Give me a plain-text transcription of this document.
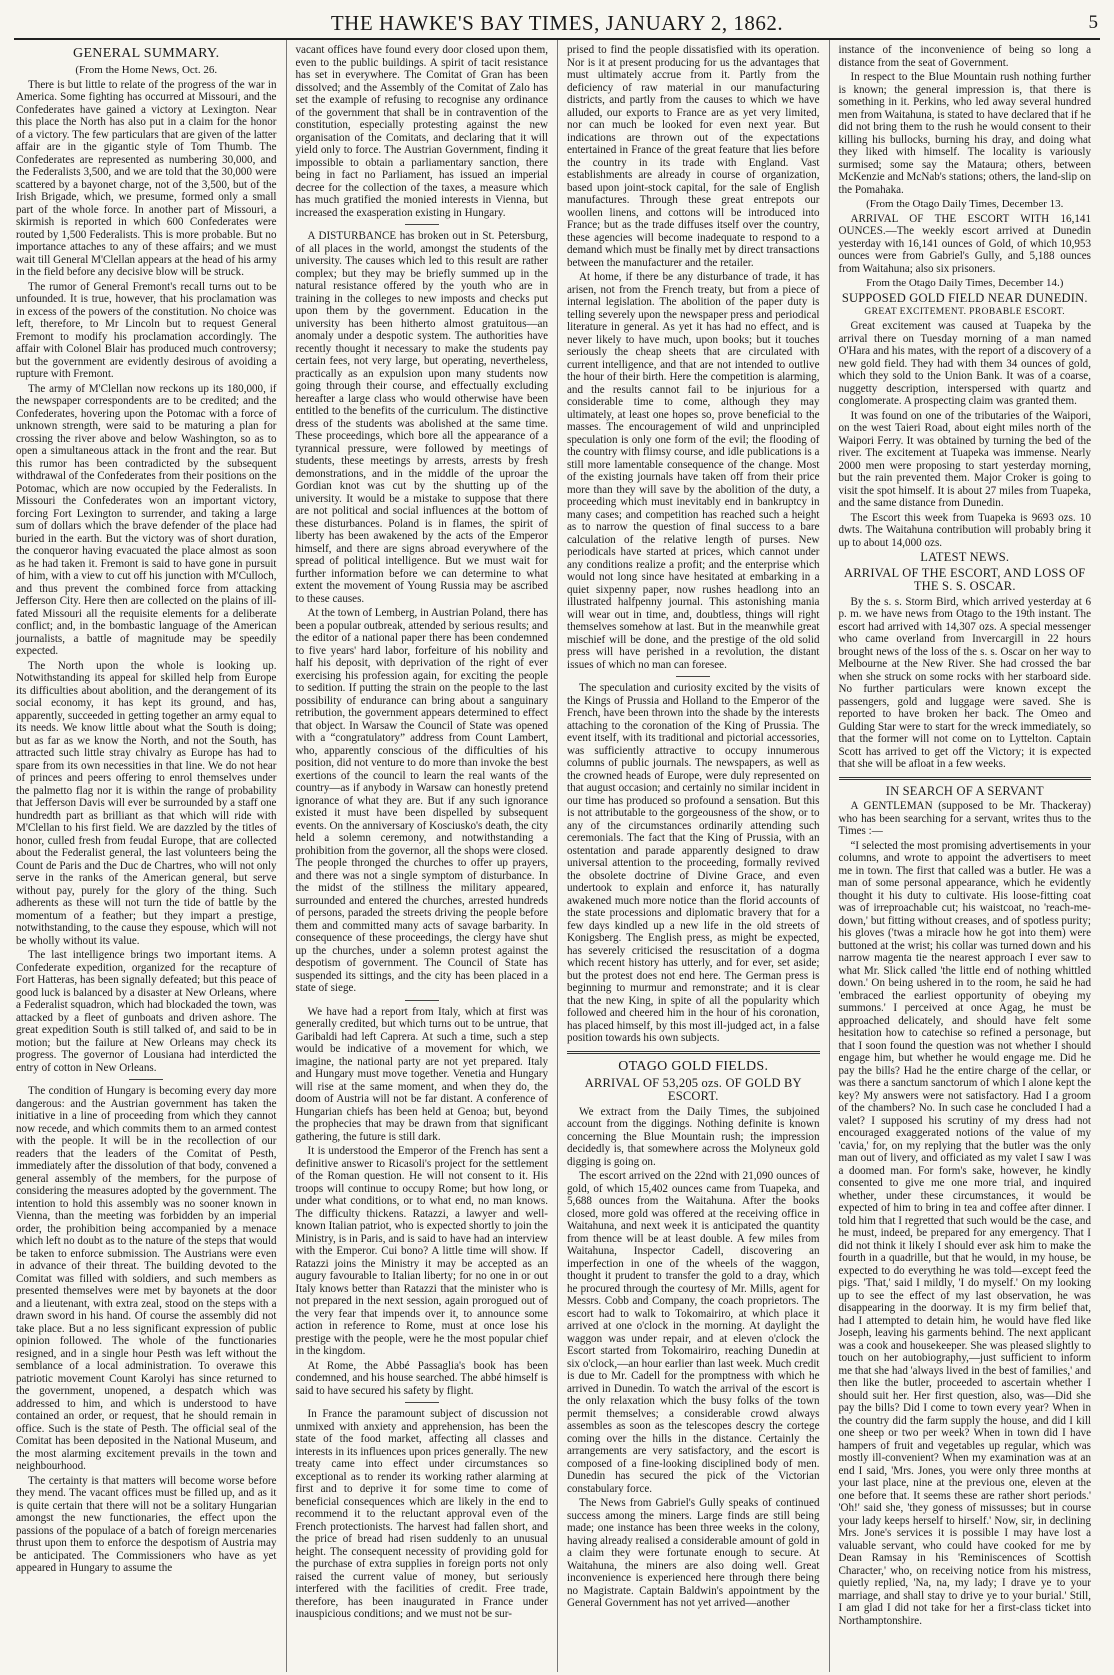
THE HAWKE'S BAY TIMES, JANUARY 2, 1862.	5
GENERAL SUMMARY.
(From the Home News, Oct. 26.

There is but little to relate of the progress of the war in America. Some fighting has occurred at Missouri, and the Confederates have gained a victory at Lexington. Near this place the North has also put in a claim for the honor of a victory. The few particulars that are given of the latter affair are in the gigantic style of Tom Thumb. The Confederates are represented as numbering 30,000, and the Federalists 3,500, and we are told that the 30,000 were scattered by a bayonet charge, not of the 3,500, but of the Irish Brigade, which, we presume, formed only a small part of the whole force. In another part of Missouri, a skirmish is reported in which 600 Confederates were routed by 1,500 Federalists. This is more probable. But no importance attaches to any of these affairs; and we must wait till General M'Clellan appears at the head of his army in the field before any decisive blow will be struck.

The rumor of General Fremont's recall turns out to be unfounded. It is true, however, that his proclamation was in excess of the powers of the constitution. No choice was left, therefore, to Mr Lincoln but to request General Fremont to modify his proclamation accordingly. The affair with Colonel Blair has produced much controversy; but the government are evidently desirous of avoiding a rupture with Fremont.

The army of M'Clellan now reckons up its 180,000, if the newspaper correspondents are to be credited; and the Confederates, hovering upon the Potomac with a force of unknown strength, were said to be maturing a plan for crossing the river above and below Washington, so as to open a simultaneous attack in the front and the rear. But this rumor has been contradicted by the subsequent withdrawal of the Confederates from their positions on the Potomac, which are now occupied by the Federalists. In Missouri the Confederates won an important victory, forcing Fort Lexington to surrender, and taking a large sum of dollars which the brave defender of the place had buried in the earth. But the victory was of short duration, the conqueror having evacuated the place almost as soon as he had taken it. Fremont is said to have gone in pursuit of him, with a view to cut off his junction with M'Culloch, and thus prevent the combined force from attacking Jefferson City. Here then are collected on the plains of ill-fated Missouri all the requisite elements for a deliberate conflict; and, in the bombastic language of the American journalists, a battle of magnitude may be speedily expected.

The North upon the whole is looking up. Notwithstanding its appeal for skilled help from Europe its difficulties about abolition, and the derangement of its social economy, it has kept its ground, and has, apparently, succeeded in getting together an army equal to its needs. We know little about what the South is doing; but as far as we know the North, and not the South, has attracted such little stray chivalry as Europe has had to spare from its own necessities in that line. We do not hear of princes and peers offering to enrol themselves under the palmetto flag nor it is within the range of probability that Jefferson Davis will ever be surrounded by a staff one hundredth part as brilliant as that which will ride with M'Clellan to his first field. We are dazzled by the titles of honor, culled fresh from feudal Europe, that are collected about the Federalist general, the last volunteers being the Count de Paris and the Duc de Chartres, who will not only serve in the ranks of the American general, but serve without pay, purely for the glory of the thing. Such adherents as these will not turn the tide of battle by the momentum of a feather; but they impart a prestige, notwithstanding, to the cause they espouse, which will not be wholly without its value.

The last intelligence brings two important items. A Confederate expedition, organized for the recapture of Fort Hatteras, has been signally defeated; but this peace of good luck is balanced by a disaster at New Orleans, where a Federalist squadron, which had blockaded the town, was attacked by a fleet of gunboats and driven ashore. The great expedition South is still talked of, and said to be in motion; but the failure at New Orleans may check its progress. The governor of Lousiana had interdicted the entry of cotton in New Orleans.

The condition of Hungary is becoming every day more dangerous: and the Austrian government has taken the initiative in a line of proceeding from which they cannot now recede, and which commits them to an armed contest with the people. It will be in the recollection of our readers that the leaders of the Comitat of Pesth, immediately after the dissolution of that body, convened a general assembly of the members, for the purpose of considering the measures adopted by the government. The intention to hold this assembly was no sooner known in Vienna, than the meeting was forbidden by an imperial order, the prohibition being accompanied by a menace which left no doubt as to the nature of the steps that would be taken to enforce submission. The Austrians were even in advance of their threat. The building devoted to the Comitat was filled with soldiers, and such members as presented themselves were met by bayonets at the door and a lieutenant, with extra zeal, stood on the steps with a drawn sword in his hand. Of course the assembly did not take place. But a no less significant expression of public opinion followed. The whole of the functionaries resigned, and in a single hour Pesth was left without the semblance of a local administration. To overawe this patriotic movement Count Karolyi has since returned to the government, unopened, a despatch which was addressed to him, and which is understood to have contained an order, or request, that he should remain in office. Such is the state of Pesth. The official seal of the Comitat has been deposited in the National Museum, and the most alarming excitement prevails in the town and neighbourhood.

The certainty is that matters will become worse before they mend. The vacant offices must be filled up, and as it is quite certain that there will not be a solitary Hungarian amongst the new functionaries, the effect upon the passions of the populace of a batch of foreign mercenaries thrust upon them to enforce the despotism of Austria may be anticipated. The Commissioners who have as yet appeared in Hungary to assume the

vacant offices have found every door closed upon them, even to the public buildings. A spirit of tacit resistance has set in everywhere. The Comitat of Gran has been dissolved; and the Assembly of the Comitat of Zalo has set the example of refusing to recognise any ordinance of the government that shall be in contravention of the constitution, especially protesting against the new organisation of the Comitats, and declaring that it will yield only to force. The Austrian Government, finding it impossible to obtain a parliamentary sanction, there being in fact no Parliament, has issued an imperial decree for the collection of the taxes, a measure which has much gratified the monied interests in Vienna, but increased the exasperation existing in Hungary.

A DISTURBANCE has broken out in St. Petersburg, of all places in the world, amongst the students of the university. The causes which led to this result are rather complex; but they may be briefly summed up in the natural resistance offered by the youth who are in training in the colleges to new imposts and checks put upon them by the government. Education in the university has been hitherto almost gratuitous—an anomaly under a despotic system. The authorities have recently thought it necessary to make the students pay certain fees, not very large, but operating, nevertheless, practically as an expulsion upon many students now going through their course, and effectually excluding hereafter a large class who would otherwise have been entitled to the benefits of the curriculum. The distinctive dress of the students was abolished at the same time. These proceedings, which bore all the appearance of a tyrannical pressure, were followed by meetings of students, these meetings by arrests, arrests by fresh demonstrations, and in the middle of the uproar the Gordian knot was cut by the shutting up of the university. It would be a mistake to suppose that there are not political and social influences at the bottom of these disturbances. Poland is in flames, the spirit of liberty has been awakened by the acts of the Emperor himself, and there are signs abroad everywhere of the spread of political intelligence. But we must wait for further information before we can determine to what extent the movement of Young Russia may be ascribed to these causes.

At the town of Lemberg, in Austrian Poland, there has been a popular outbreak, attended by serious results; and the editor of a national paper there has been condemned to five years' hard labor, forfeiture of his nobility and half his deposit, with deprivation of the right of ever exercising his profession again, for exciting the people to sedition. If putting the strain on the people to the last possibility of endurance can bring about a sanguinary retribution, the government appears determined to effect that object. In Warsaw the Council of State was opened with a “congratulatory” address from Count Lambert, who, apparently conscious of the difficulties of his position, did not venture to do more than invoke the best exertions of the council to learn the real wants of the country—as if anybody in Warsaw can honestly pretend ignorance of what they are. But if any such ignorance existed it must have been dispelled by subsequent events. On the anniversary of Kosciusko's death, the city held a solemn ceremony, and notwithstanding a prohibition from the governor, all the shops were closed. The people thronged the churches to offer up prayers, and there was not a single symptom of disturbance. In the midst of the stillness the military appeared, surrounded and entered the churches, arrested hundreds of persons, paraded the streets driving the people before them and committed many acts of savage barbarity. In consequence of these proceedings, the clergy have shut up the churches, under a solemn protest against the despotism of government. The Council of State has suspended its sittings, and the city has been placed in a state of siege.

We have had a report from Italy, which at first was generally credited, but which turns out to be untrue, that Garibaldi had left Caprera. At such a time, such a step would be indicative of a movement for which, we imagine, the national party are not yet prepared. Italy and Hungary must move together. Venetia and Hungary will rise at the same moment, and when they do, the doom of Austria will not be far distant. A conference of Hungarian chiefs has been held at Genoa; but, beyond the prophecies that may be drawn from that significant gathering, the future is still dark.

It is understood the Emperor of the French has sent a definitive answer to Ricasoli's project for the settlement of the Roman question. He will not consent to it. His troops will continue to occupy Rome; but how long, or under what conditions, or to what end, no man knows. The difficulty thickens. Ratazzi, a lawyer and well-known Italian patriot, who is expected shortly to join the Ministry, is in Paris, and is said to have had an interview with the Emperor. Cui bono? A little time will show. If Ratazzi joins the Ministry it may be accepted as an augury favourable to Italian liberty; for no one in or out Italy knows better than Ratazzi that the minister who is not prepared in the next session, again prorogued out of the very fear that impends over it, to announce some action in reference to Rome, must at once lose his prestige with the people, were he the most popular chief in the kingdom.

At Rome, the Abbé Passaglia's book has been condemned, and his house searched. The abbé himself is said to have secured his safety by flight.

In France the paramount subject of discussion not unmixed with anxiety and apprehension, has been the state of the food market, affecting all classes and interests in its influences upon prices generally. The new treaty came into effect under circumstances so exceptional as to render its working rather alarming at first and to deprive it for some time to come of beneficial consequences which are likely in the end to recommend it to the reluctant approval even of the French protectionists. The harvest had fallen short, and the price of bread had risen suddenly to an unusual height. The consequent necessity of providing gold for the purchase of extra supplies in foreign ports not only raised the current value of money, but seriously interfered with the facilities of credit. Free trade, therefore, has been inaugurated in France under inauspicious conditions; and we must not be sur-

prised to find the people dissatisfied with its operation. Nor is it at present producing for us the advantages that must ultimately accrue from it. Partly from the deficiency of raw material in our manufacturing districts, and partly from the causes to which we have alluded, our exports to France are as yet very limited, nor can much be looked for even next year. But indications are thrown out of the expectations entertained in France of the great feature that lies before the country in its trade with England. Vast establishments are already in course of organization, based upon joint-stock capital, for the sale of English manufactures. Through these great entrepots our woollen linens, and cottons will be introduced into France; but as the trade diffuses itself over the country, these agencies will become inadequate to respond to a demand which must be finally met by direct transactions between the manufacturer and the retailer.

At home, if there be any disturbance of trade, it has arisen, not from the French treaty, but from a piece of internal legislation. The abolition of the paper duty is telling severely upon the newspaper press and periodical literature in general. As yet it has had no effect, and is never likely to have much, upon books; but it touches seriously the cheap sheets that are circulated with current intelligence, and that are not intended to outlive the hour of their birth. Here the competition is alarming, and the results cannot fail to be injurious for a considerable time to come, although they may ultimately, at least one hopes so, prove beneficial to the masses. The encouragement of wild and unprincipled speculation is only one form of the evil; the flooding of the country with flimsy course, and idle publications is a still more lamentable consequence of the change. Most of the existing journals have taken off from their price more than they will save by the abolition of the duty, a proceeding which must inevitably end in bankruptcy in many cases; and competition has reached such a height as to narrow the question of final success to a bare calculation of the relative length of purses. New periodicals have started at prices, which cannot under any conditions realize a profit; and the enterprise which would not long since have hesitated at embarking in a quiet sixpenny paper, now rushes headlong into an illustrated halfpenny journal. This astonishing mania will wear out in time, and, doubtless, things will right themselves somehow at last. But in the meanwhile great mischief will be done, and the prestige of the old solid press will have perished in a revolution, the distant issues of which no man can foresee.

The speculation and curiosity excited by the visits of the Kings of Prussia and Holland to the Emperor of the French, have been thrown into the shade by the interests attaching to the coronation of the King of Prussia. The event itself, with its traditional and pictorial accessories, was sufficiently attractive to occupy innumerous columns of public journals. The newspapers, as well as the crowned heads of Europe, were duly represented on that august occasion; and certainly no similar incident in our time has produced so profound a sensation. But this is not attributable to the gorgeousness of the show, or to any of the circumstances ordinarily attending such ceremonials. The fact that the King of Prussia, with an ostentation and parade apparently designed to draw universal attention to the proceeding, formally revived the obsolete doctrine of Divine Grace, and even undertook to explain and enforce it, has naturally awakened much more notice than the florid accounts of the state processions and diplomatic bravery that for a few days kindled up a new life in the old streets of Konigsberg. The English press, as might be expected, has severely criticised the resuscitation of a dogma which recent history has utterly, and for ever, set aside; but the protest does not end here. The German press is beginning to murmur and remonstrate; and it is clear that the new King, in spite of all the popularity which followed and cheered him in the hour of his coronation, has placed himself, by this most ill-judged act, in a false position towards his own subjects.

OTAGO GOLD FIELDS.
ARRIVAL OF 53,205 ozs. OF GOLD BY ESCORT.

We extract from the Daily Times, the subjoined account from the diggings. Nothing definite is known concerning the Blue Mountain rush; the impression decidedly is, that somewhere across the Molyneux gold digging is going on.

The escort arrived on the 22nd with 21,090 ounces of gold, of which 15,402 ounces came from Tuapeka, and 5,688 ounces from the Waitahuna. After the books closed, more gold was offered at the receiving office in Waitahuna, and next week it is anticipated the quantity from thence will be at least double. A few miles from Waitahuna, Inspector Cadell, discovering an imperfection in one of the wheels of the waggon, thought it prudent to transfer the gold to a dray, which he procured through the courtesy of Mr. Mills, agent for Messrs. Cobb and Company, the coach proprietors. The escort had to walk to Tokomairiro, at which place it arrived at one o'clock in the morning. At daylight the waggon was under repair, and at eleven o'clock the Escort started from Tokomairiro, reaching Dunedin at six o'clock,—an hour earlier than last week. Much credit is due to Mr. Cadell for the promptness with which he arrived in Dunedin. To watch the arrival of the escort is the only relaxation which the busy folks of the town permit themselves; a considerable crowd always assembles as soon as the telescopes descry the cortege coming over the hills in the distance. Certainly the arrangements are very satisfactory, and the escort is composed of a fine-looking disciplined body of men. Dunedin has secured the pick of the Victorian constabulary force.

The News from Gabriel's Gully speaks of continued success among the miners. Large finds are still being made; one instance has been three weeks in the colony, having already realised a considerable amount of gold in a claim they were fortunate enough to secure. At Waitahuna, the miners are also doing well. Great inconvenience is experienced here through there being no Magistrate. Captain Baldwin's appointment by the General Government has not yet arrived—another

instance of the inconvenience of being so long a distance from the seat of Government.

In respect to the Blue Mountain rush nothing further is known; the general impression is, that there is something in it. Perkins, who led away several hundred men from Waitahuna, is stated to have declared that if he did not bring them to the rush he would consent to their killing his bullocks, burning his dray, and doing what they liked with himself. The locality is variously surmised; some say the Mataura; others, between McKenzie and McNab's stations; others, the land-slip on the Pomahaka.

(From the Otago Daily Times, December 13.

ARRIVAL OF THE ESCORT WITH 16,141 OUNCES.—The weekly escort arrived at Dunedin yesterday with 16,141 ounces of Gold, of which 10,953 ounces were from Gabriel's Gully, and 5,188 ounces from Waitahuna; also six prisoners.

From the Otago Daily Times, December 14.)
SUPPOSED GOLD FIELD NEAR DUNEDIN.
GREAT EXCITEMENT. PROBABLE ESCORT.

Great excitement was caused at Tuapeka by the arrival there on Tuesday morning of a man named O'Hara and his mates, with the report of a discovery of a new gold field. They had with them 34 ounces of gold, which they sold to the Union Bank. It was of a coarse, nuggetty description, interspersed with quartz and conglomerate. A prospecting claim was granted them.

It was found on one of the tributaries of the Waipori, on the west Taieri Road, about eight miles north of the Waipori Ferry. It was obtained by turning the bed of the river. The excitement at Tuapeka was immense. Nearly 2000 men were proposing to start yesterday morning, but the rain prevented them. Major Croker is going to visit the spot himself. It is about 27 miles from Tuapeka, and the same distance from Dunedin.

The Escort this week from Tuapeka is 9693 ozs. 10 dwts. The Waitahuna contribution will probably bring it up to about 14,000 ozs.

LATEST NEWS.
ARRIVAL OF THE ESCORT, AND LOSS OF THE S. S. OSCAR.

By the s. s. Storm Bird, which arrived yesterday at 6 p. m. we have news from Otago to the 19th instant. The escort had arrived with 14,307 ozs. A special messenger who came overland from Invercargill in 22 hours brought news of the loss of the s. s. Oscar on her way to Melbourne at the New River. She had crossed the bar when she struck on some rocks with her starboard side. No further particulars were known except the passengers, gold and luggage were saved. She is reported to have broken her back. The Omeo and Gulding Star were to start for the wreck immediately, so that the former will not come on to Lyttelton. Captain Scott has arrived to get off the Victory; it is expected that she will be afloat in a few weeks.

IN SEARCH OF A SERVANT

A GENTLEMAN (supposed to be Mr. Thackeray) who has been searching for a servant, writes thus to the Times :—

“I selected the most promising advertisements in your columns, and wrote to appoint the advertisers to meet me in town. The first that called was a butler. He was a man of some personal appearance, which he evidently thought it his duty to cultivate. His loose-fitting coat was of irreproachable cut; his waistcoat, no 'reach-me-down,' but fitting without creases, and of spotless purity; his gloves ('twas a miracle how he got into them) were buttoned at the wrist; his collar was turned down and his narrow magenta tie the nearest approach I ever saw to what Mr. Slick called 'the little end of nothing whittled down.' On being ushered in to the room, he said he had 'embraced the earliest opportunity of obeying my summons.' I perceived at once Agag, he must be approached delicately, and should have felt some hesitation how to catechise so refined a personage, but that I soon found the question was not whether I should engage him, but whether he would engage me. Did he pay the bills? Had he the entire charge of the cellar, or was there a sanctum sanctorum of which I alone kept the key? My answers were not satisfactory. Had I a groom of the chambers? No. In such case he concluded I had a valet? I supposed his scrutiny of my dress had not encouraged exaggerated notions of the value of my 'cavia,' for, on my replying that the butler was the only man out of livery, and officiated as my valet I saw I was a doomed man. For form's sake, however, he kindly consented to give me one more trial, and inquired whether, under these circumstances, it would be expected of him to bring in tea and coffee after dinner. I told him that I regretted that such would be the case, and he must, indeed, be prepared for any emergency. That I did not think it likely I should ever ask him to make the fourth in a quadrille, but that he would, in my house, be expected to do everything he was told—except feed the pigs. 'That,' said I mildly, 'I do myself.' On my looking up to see the effect of my last observation, he was disappearing in the doorway. It is my firm belief that, had I attempted to detain him, he would have fled like Joseph, leaving his garments behind. The next applicant was a cook and housekeeper. She was pleased slightly to touch on her autobiography,—just sufficient to inform me that she had 'always lived in the best of families,' and then like the butler, proceeded to ascertain whether I should suit her. Her first question, also, was—Did she pay the bills? Did I come to town every year? When in the country did the farm supply the house, and did I kill one sheep or two per week? When in town did I have hampers of fruit and vegetables up regular, which was mostly ill-convenient? When my examination was at an end I said, 'Mrs. Jones, you were only three months at your last place, nine at the previous one, eleven at the one before that. It seems these are rather short periods.' 'Oh!' said she, 'they goness of missusses; but in course your lady keeps herself to hirself.' Now, sir, in declining Mrs. Jone's services it is possible I may have lost a valuable servant, who could have cooked for me by Dean Ramsay in his 'Reminiscences of Scottish Character,' who, on receiving notice from his mistress, quietly replied, 'Na, na, my lady; I drave ye to your marriage, and shall stay to drive ye to your burial.' Still, I am glad I did not take for her a first-class ticket into Northamptonshire.
